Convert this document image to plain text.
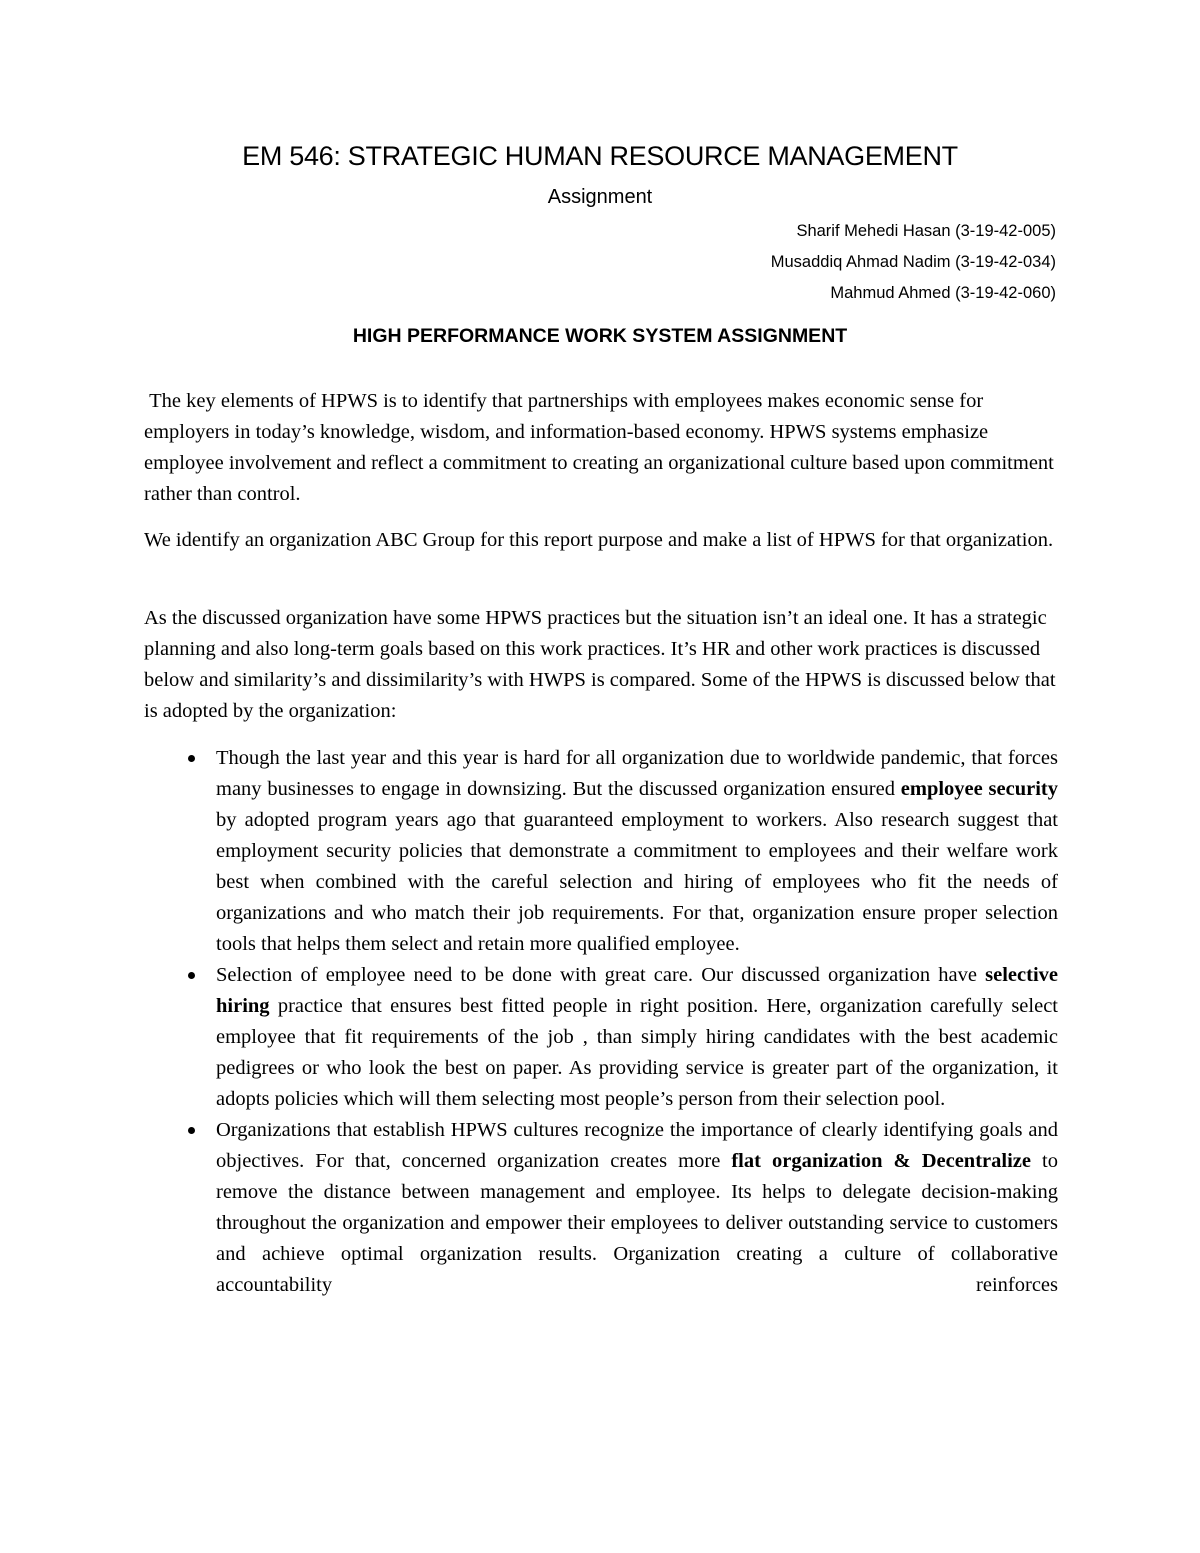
EM 546: STRATEGIC HUMAN RESOURCE MANAGEMENT
Assignment
Sharif Mehedi Hasan (3-19-42-005)
Musaddiq Ahmad Nadim (3-19-42-034)
Mahmud Ahmed (3-19-42-060)
HIGH PERFORMANCE WORK SYSTEM ASSIGNMENT

The key elements of HPWS is to identify that partnerships with employees makes economic sense for employers in today’s knowledge, wisdom, and information-based economy. HPWS systems emphasize employee involvement and reflect a commitment to creating an organizational culture based upon commitment rather than control.

We identify an organization ABC Group for this report purpose and make a list of HPWS for that organization.

As the discussed organization have some HPWS practices but the situation isn’t an ideal one. It has a strategic planning and also long-term goals based on this work practices. It’s HR and other work practices is discussed below and similarity’s and dissimilarity’s with HWPS is compared. Some of the HPWS is discussed below that is adopted by the organization:

Though the last year and this year is hard for all organization due to worldwide pandemic, that forces many businesses to engage in downsizing. But the discussed organization ensured employee security by adopted program years ago that guaranteed employment to workers. Also research suggest that employment security policies that demonstrate a commitment to employees and their welfare work best when combined with the careful selection and hiring of employees who fit the needs of organizations and who match their job requirements. For that, organization ensure proper selection tools that helps them select and retain more qualified employee.
Selection of employee need to be done with great care. Our discussed organization have selective hiring practice that ensures best fitted people in right position. Here, organization carefully select employee that fit requirements of the job , than simply hiring candidates with the best academic pedigrees or who look the best on paper. As providing service is greater part of the organization, it adopts policies which will them selecting most people’s person from their selection pool.
Organizations that establish HPWS cultures recognize the importance of clearly identifying goals and objectives. For that, concerned organization creates more flat organization & Decentralize to remove the distance between management and employee. Its helps to delegate decision-making throughout the organization and empower their employees to deliver outstanding service to customers and achieve optimal organization results. Organization creating a culture of collaborative accountability reinforces
